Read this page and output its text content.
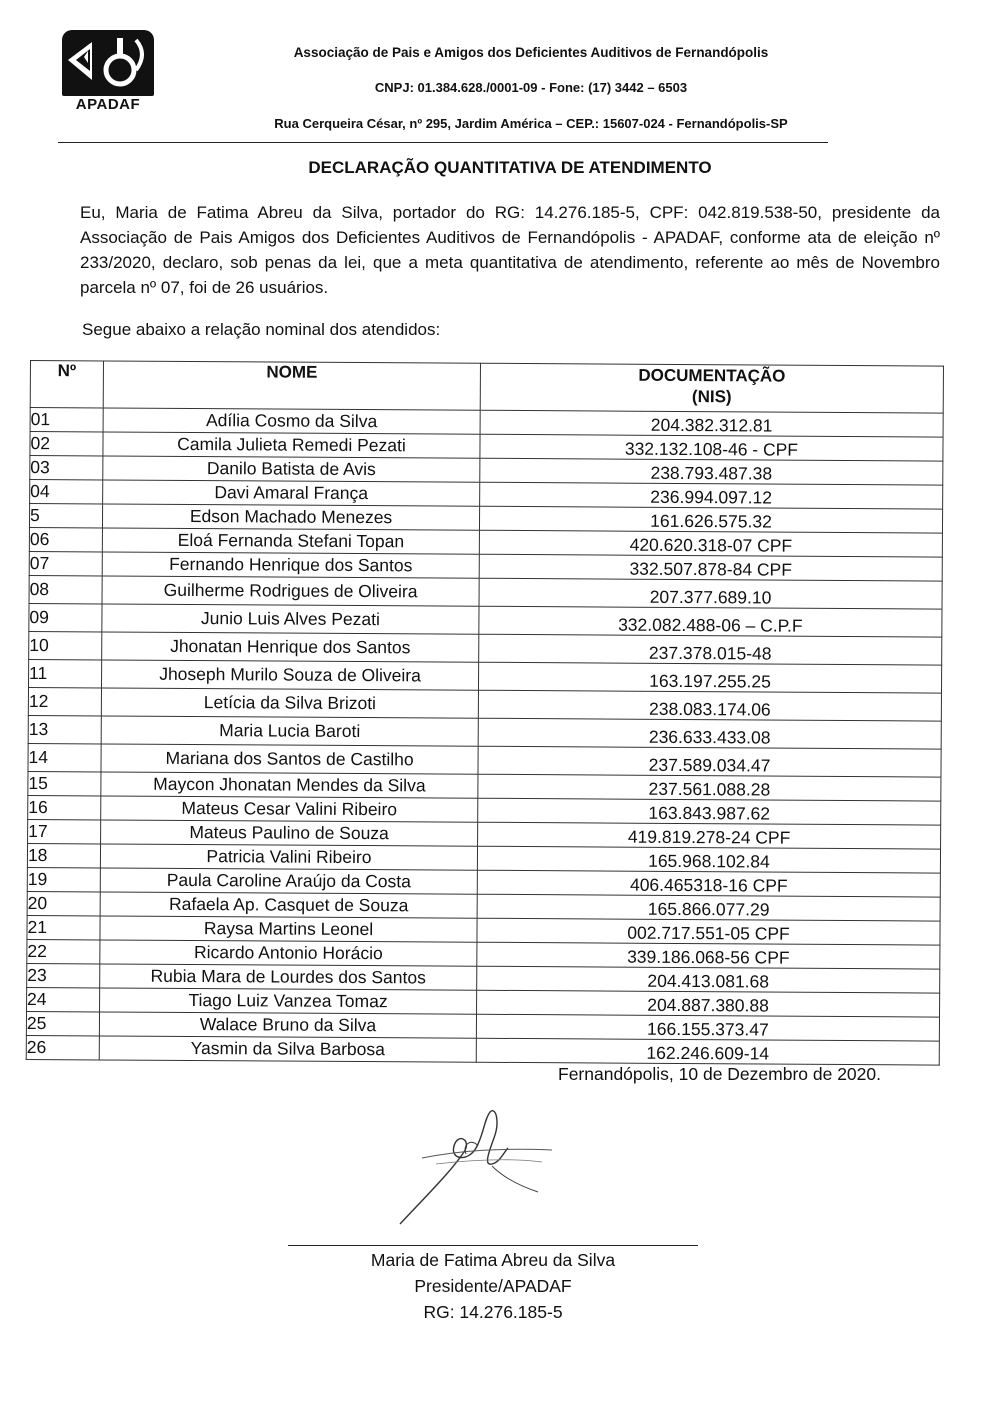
APADAF
Associação de Pais e Amigos dos Deficientes Auditivos de Fernandópolis
CNPJ: 01.384.628./0001-09 - Fone: (17) 3442 – 6503
Rua Cerqueira César, nº 295, Jardim América – CEP.: 15607-024 - Fernandópolis-SP
DECLARAÇÃO QUANTITATIVA DE ATENDIMENTO
Eu, Maria de Fatima Abreu da Silva, portador do RG: 14.276.185-5, CPF: 042.819.538-50, presidente da Associação de Pais Amigos dos Deficientes Auditivos de Fernandópolis - APADAF, conforme ata de eleição nº 233/2020, declaro, sob penas da lei, que a meta quantitativa de atendimento, referente ao mês de Novembro parcela nº 07, foi de 26 usuários.
Segue abaixo a relação nominal dos atendidos:
Nº	NOME	DOCUMENTAÇÃO
(NIS)

01	Adília Cosmo da Silva	204.382.312.81
02	Camila Julieta Remedi Pezati	332.132.108-46 - CPF
03	Danilo Batista de Avis	238.793.487.38
04	Davi Amaral França	236.994.097.12
5	Edson Machado Menezes	161.626.575.32
06	Eloá Fernanda Stefani Topan	420.620.318-07 CPF
07	Fernando Henrique dos Santos	332.507.878-84 CPF
08	Guilherme Rodrigues de Oliveira	207.377.689.10
09	Junio Luis Alves Pezati	332.082.488-06 – C.P.F
10	Jhonatan Henrique dos Santos	237.378.015-48
11	Jhoseph Murilo Souza de Oliveira	163.197.255.25
12	Letícia da Silva Brizoti	238.083.174.06
13	Maria Lucia Baroti	236.633.433.08
14	Mariana dos Santos de Castilho	237.589.034.47
15	Maycon Jhonatan Mendes da Silva	237.561.088.28
16	Mateus Cesar Valini Ribeiro	163.843.987.62
17	Mateus Paulino de Souza	419.819.278-24 CPF
18	Patricia Valini Ribeiro	165.968.102.84
19	Paula Caroline Araújo da Costa	406.465318-16 CPF
20	Rafaela Ap. Casquet de Souza	165.866.077.29
21	Raysa Martins Leonel	002.717.551-05 CPF
22	Ricardo Antonio Horácio	339.186.068-56 CPF
23	Rubia Mara de Lourdes dos Santos	204.413.081.68
24	Tiago Luiz Vanzea Tomaz	204.887.380.88
25	Walace Bruno da Silva	166.155.373.47
26	Yasmin da Silva Barbosa	162.246.609-14
Fernandópolis, 10 de Dezembro de 2020.
Maria de Fatima Abreu da Silva
Presidente/APADAF
RG: 14.276.185-5
